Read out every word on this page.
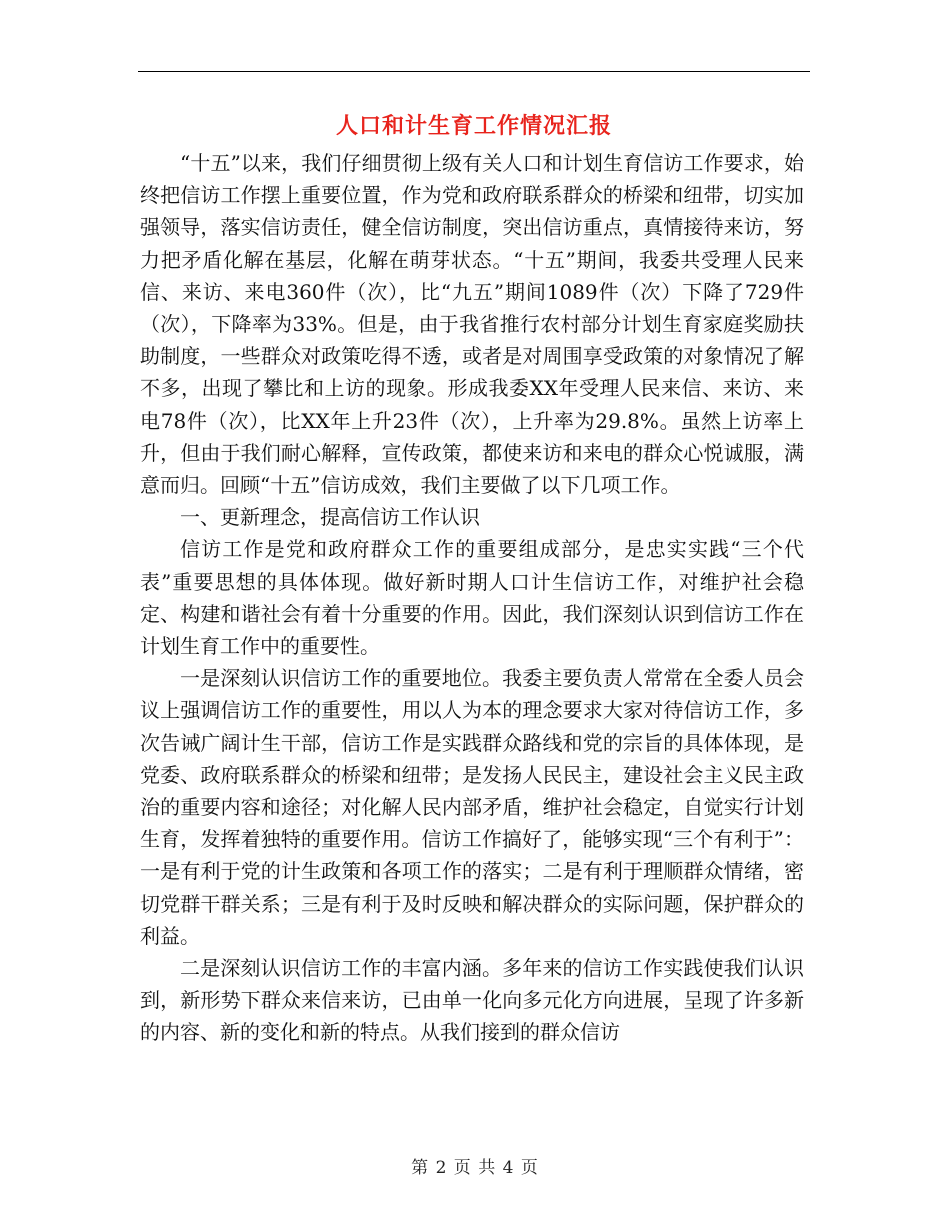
人口和计生育工作情况汇报

“十五”以来，我们仔细贯彻上级有关人口和计划生育信访工作要求，始终把信访工作摆上重要位置，作为党和政府联系群众的桥梁和纽带，切实加强领导，落实信访责任，健全信访制度，突出信访重点，真情接待来访，努力把矛盾化解在基层，化解在萌芽状态。“十五”期间，我委共受理人民来信、来访、来电360件（次），比“九五”期间1089件（次）下降了729件（次），下降率为33%。但是，由于我省推行农村部分计划生育家庭奖励扶助制度，一些群众对政策吃得不透，或者是对周围享受政策的对象情况了解不多，出现了攀比和上访的现象。形成我委XX年受理人民来信、来访、来电78件（次），比XX年上升23件（次），上升率为29.8%。虽然上访率上升，但由于我们耐心解释，宣传政策，都使来访和来电的群众心悦诚服，满意而归。回顾“十五”信访成效，我们主要做了以下几项工作。

一、更新理念，提高信访工作认识

信访工作是党和政府群众工作的重要组成部分，是忠实实践“三个代表”重要思想的具体体现。做好新时期人口计生信访工作，对维护社会稳定、构建和谐社会有着十分重要的作用。因此，我们深刻认识到信访工作在计划生育工作中的重要性。

一是深刻认识信访工作的重要地位。我委主要负责人常常在全委人员会议上强调信访工作的重要性，用以人为本的理念要求大家对待信访工作，多次告诫广阔计生干部，信访工作是实践群众路线和党的宗旨的具体体现，是党委、政府联系群众的桥梁和纽带；是发扬人民民主，建设社会主义民主政治的重要内容和途径；对化解人民内部矛盾，维护社会稳定，自觉实行计划生育，发挥着独特的重要作用。信访工作搞好了，能够实现“三个有利于”：一是有利于党的计生政策和各项工作的落实；二是有利于理顺群众情绪，密切党群干群关系；三是有利于及时反映和解决群众的实际问题，保护群众的利益。

二是深刻认识信访工作的丰富内涵。多年来的信访工作实践使我们认识到，新形势下群众来信来访，已由单一化向多元化方向进展，呈现了许多新的内容、新的变化和新的特点。从我们接到的群众信访

第 2 页 共 4 页
